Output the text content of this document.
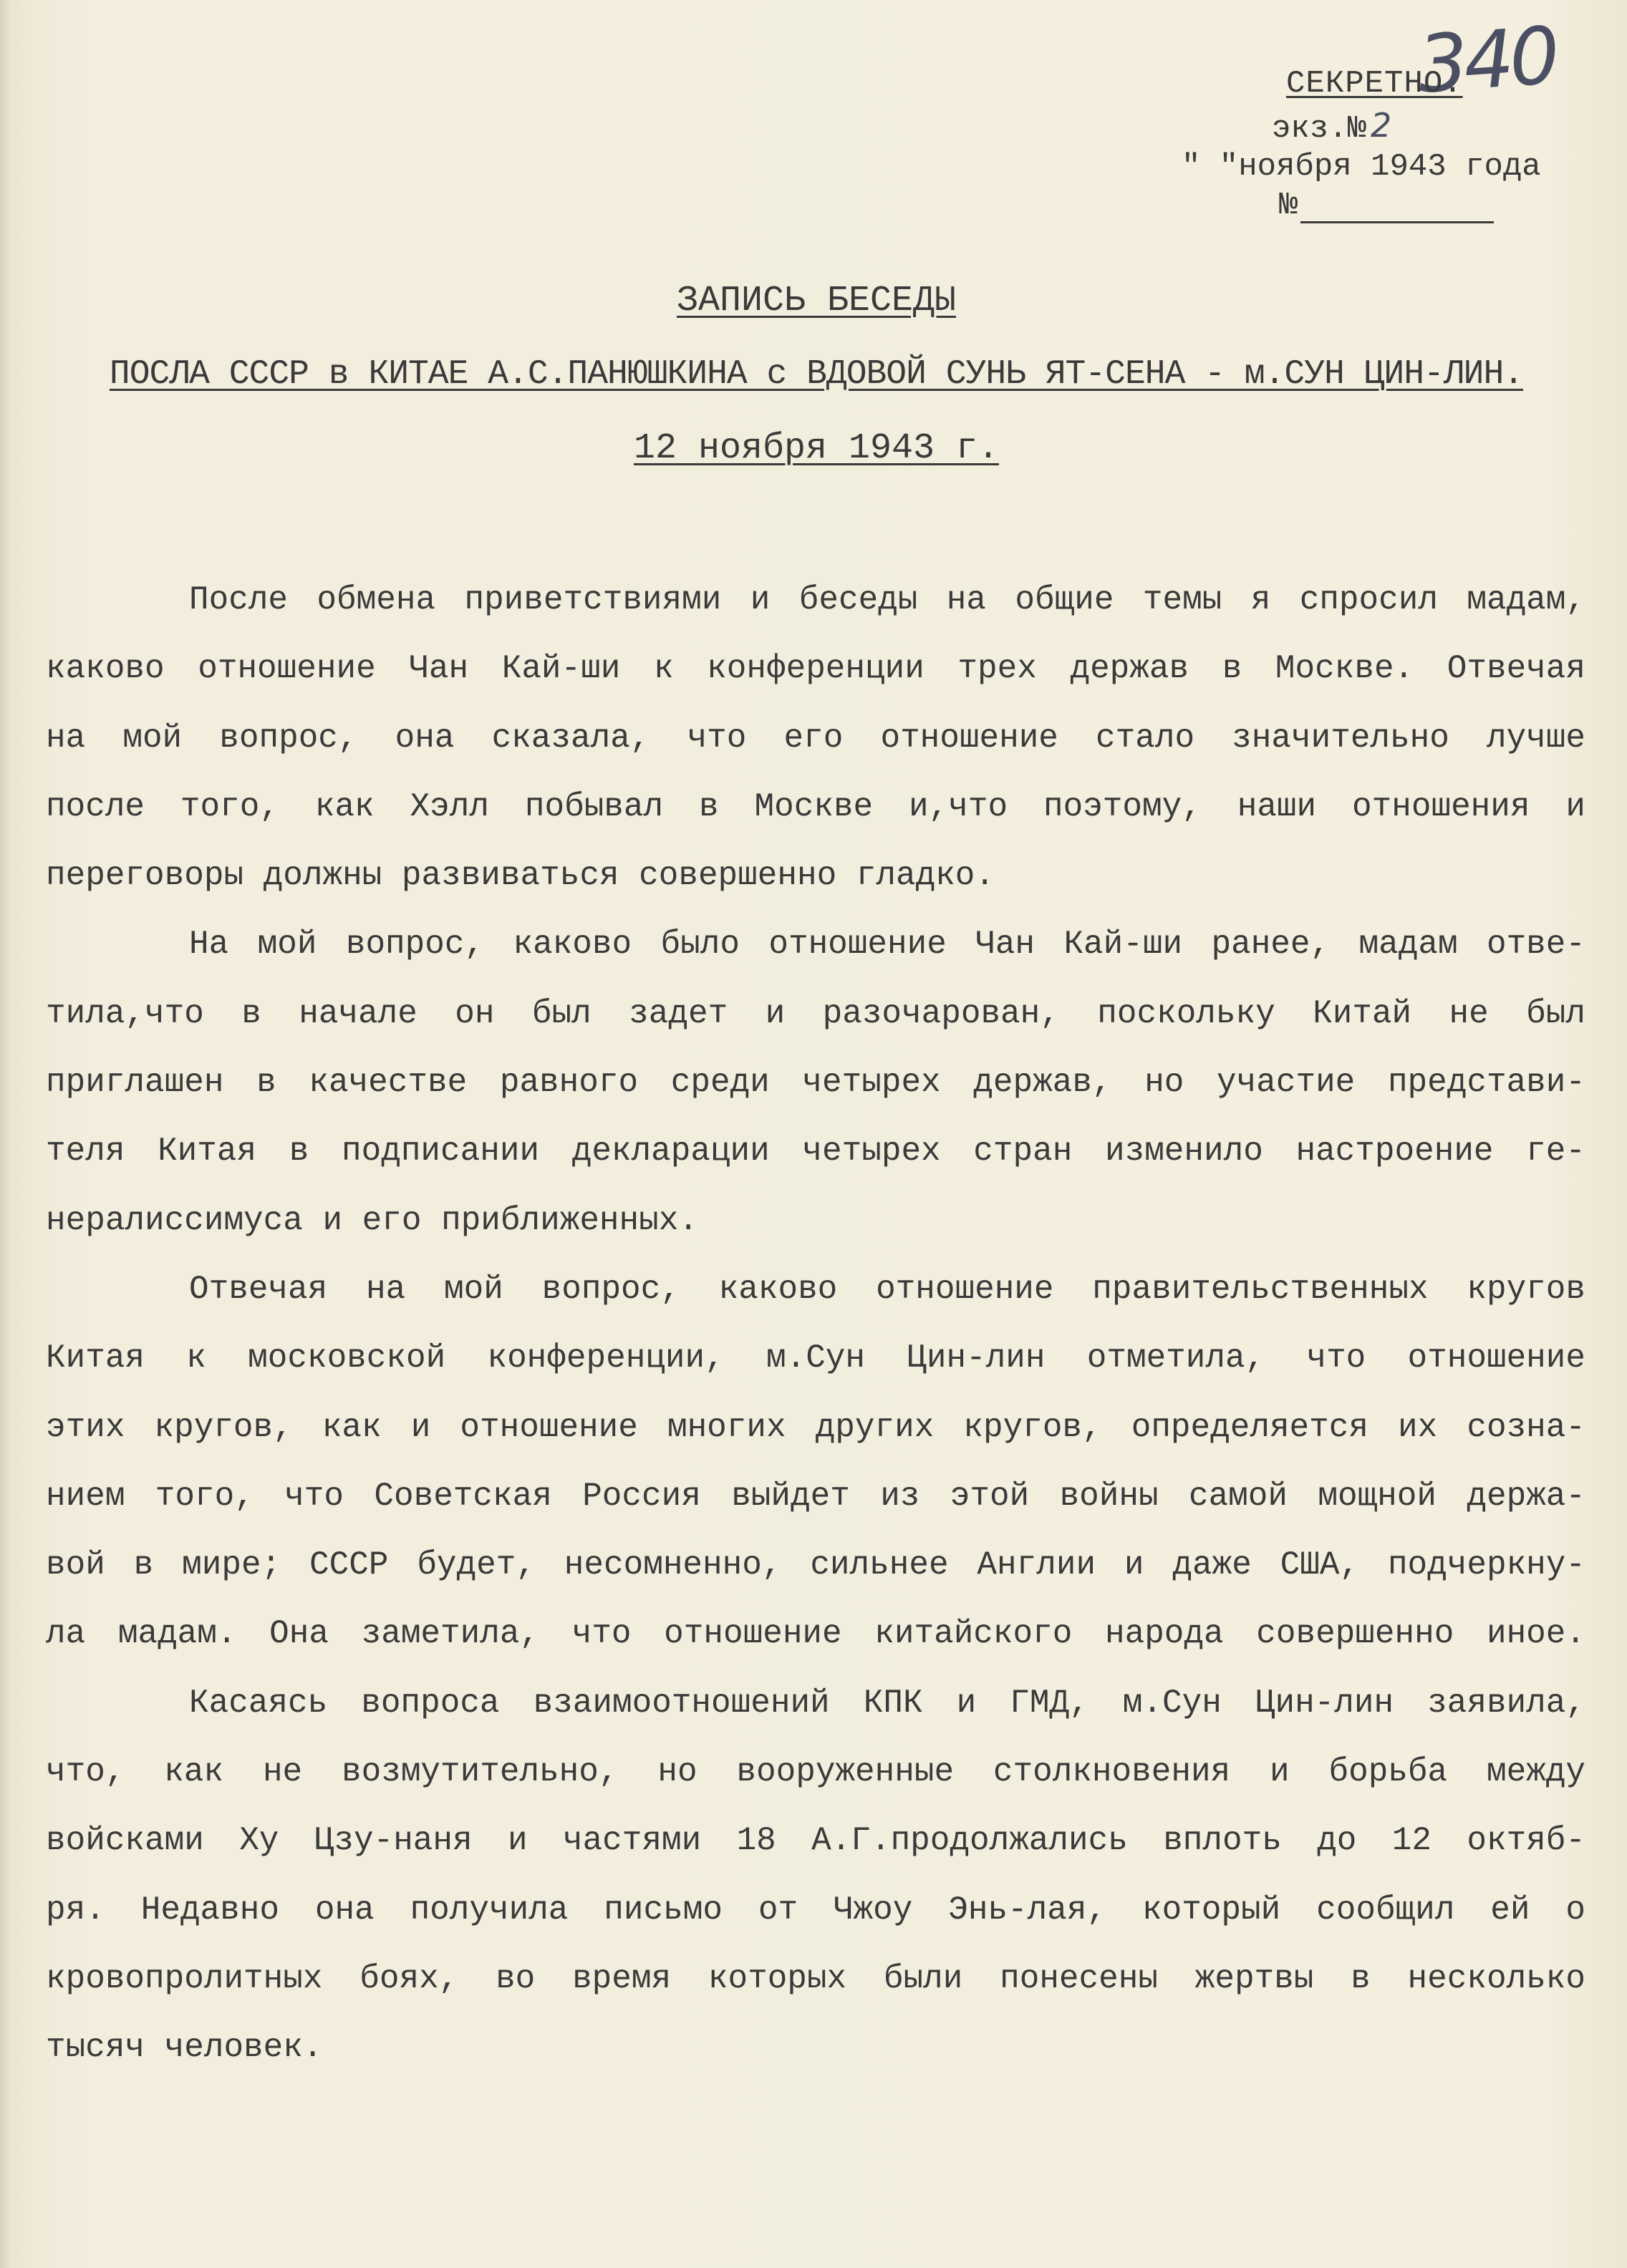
340
СЕКРЕТНО.
экз.№ 2
" "ноября 1943 года
№
ЗАПИСЬ БЕСЕДЫ
ПОСЛА СССР в КИТАЕ А.С.ПАНЮШКИНА с ВДОВОЙ СУНЬ ЯТ-СЕНА - м.СУН ЦИН-ЛИН.
12 ноября 1943 г.
После обмена приветствиями и беседы на общие темы я спросил мадам,
каково отношение Чан Кай-ши к конференции трех держав в Москве. Отвечая
на мой вопрос, она сказала, что его отношение стало значительно лучше
после того, как Хэлл побывал в Москве и,что поэтому, наши отношения и
переговоры должны развиваться совершенно гладко.
На мой вопрос, каково было отношение Чан Кай-ши ранее, мадам отве-
тила,что в начале он был задет и разочарован, поскольку Китай не был
приглашен в качестве равного среди четырех держав, но участие представи-
теля Китая в подписании декларации четырех стран изменило настроение ге-
нералиссимуса и его приближенных.
Отвечая на мой вопрос, каково отношение правительственных кругов
Китая к московской конференции, м.Сун Цин-лин отметила, что отношение
этих кругов, как и отношение многих других кругов, определяется их созна-
нием того, что Советская Россия выйдет из этой войны самой мощной держа-
вой в мире; СССР будет, несомненно, сильнее Англии и даже США, подчеркну-
ла мадам. Она заметила, что отношение китайского народа совершенно иное.
Касаясь вопроса взаимоотношений КПК и ГМД, м.Сун Цин-лин заявила,
что, как не возмутительно, но вооруженные столкновения и борьба между
войсками Ху Цзу-наня и частями 18 А.Г.продолжались вплоть до 12 октяб-
ря. Недавно она получила письмо от Чжоу Энь-лая, который сообщил ей о
кровопролитных боях, во время которых были понесены жертвы в несколько
тысяч человек.
